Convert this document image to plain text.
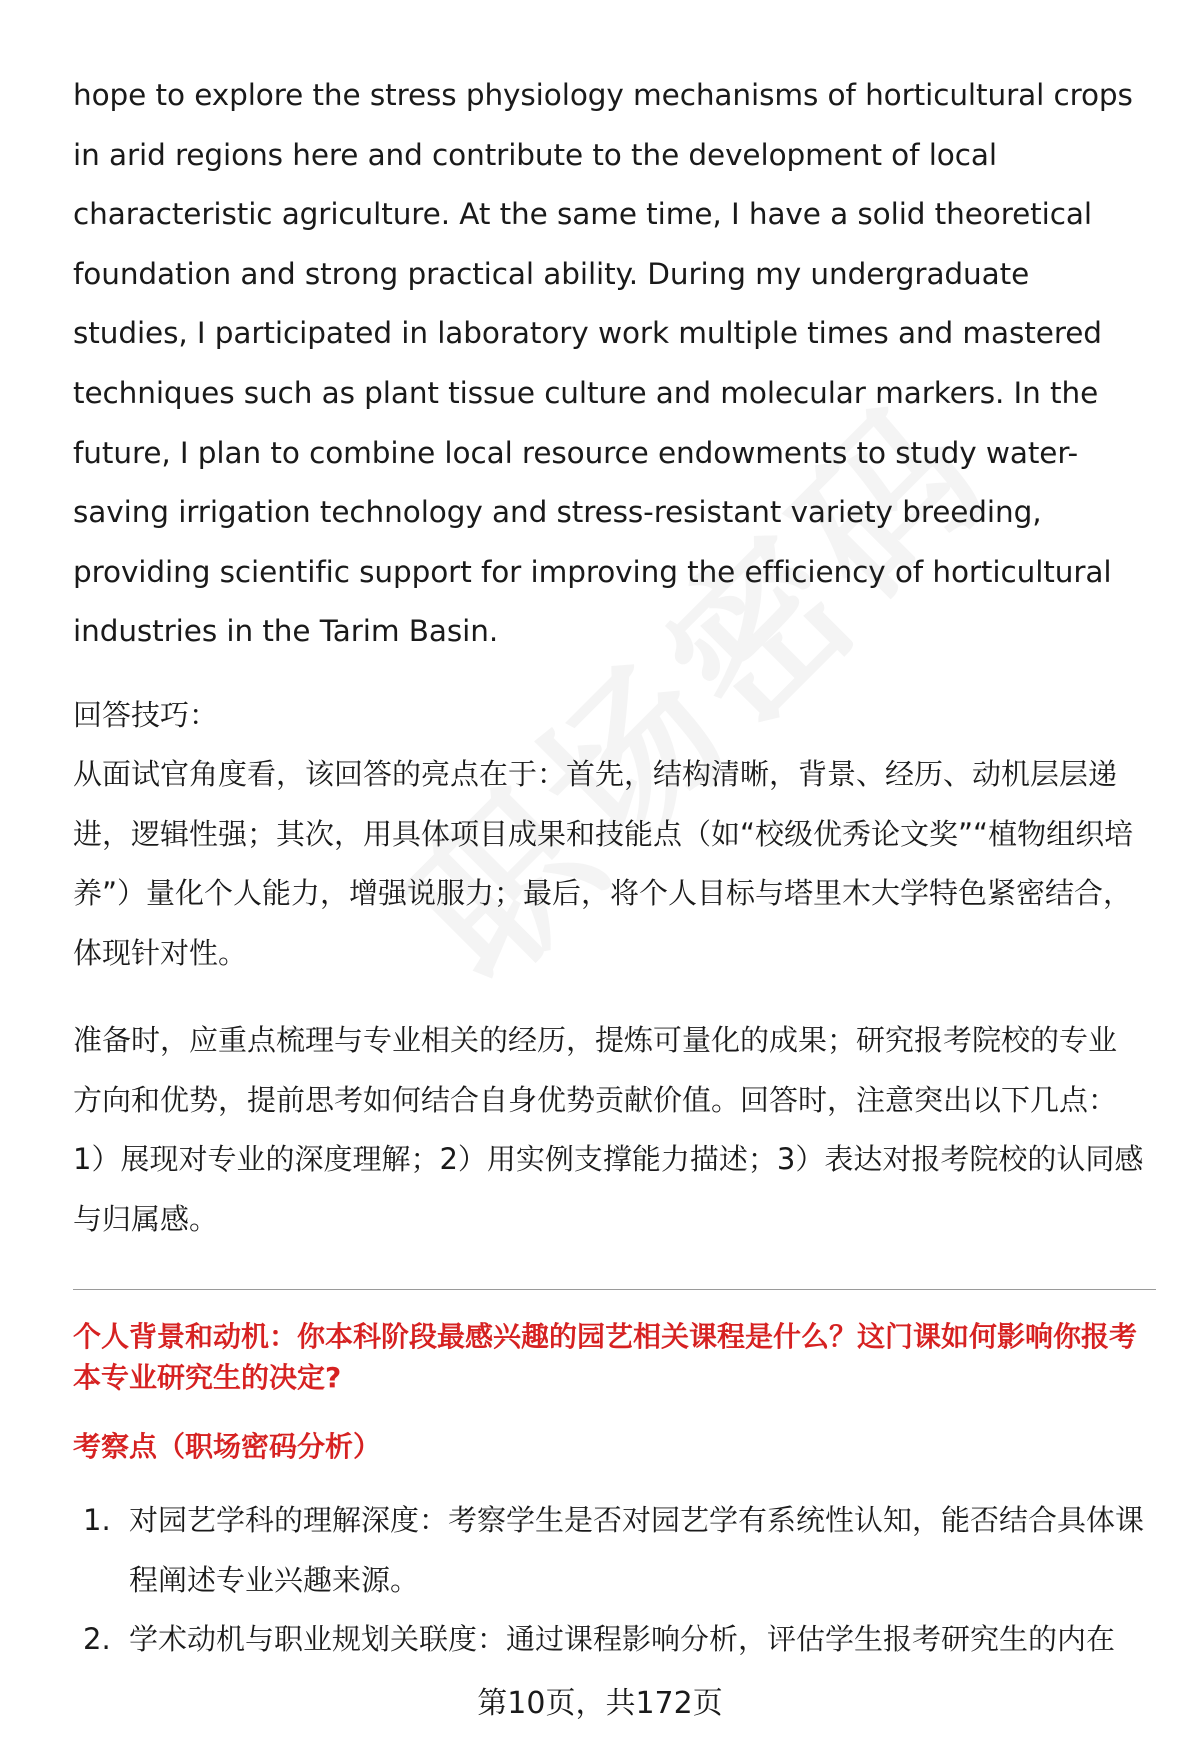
hope to explore the stress physiology mechanisms of horticultural crops in arid regions here and contribute to the development of local characteristic agriculture. At the same time, I have a solid theoretical foundation and strong practical ability. During my undergraduate studies, I participated in laboratory work multiple times and mastered techniques such as plant tissue culture and molecular markers. In the future, I plan to combine local resource endowments to study water-saving irrigation technology and stress-resistant variety breeding, providing scientific support for improving the efficiency of horticultural industries in the Tarim Basin.

回答技巧：

从面试官角度看，该回答的亮点在于：首先，结构清晰，背景、经历、动机层层递进，逻辑性强；其次，用具体项目成果和技能点（如“校级优秀论文奖”“植物组织培养”）量化个人能力，增强说服力；最后，将个人目标与塔里木大学特色紧密结合，体现针对性。

准备时，应重点梳理与专业相关的经历，提炼可量化的成果；研究报考院校的专业方向和优势，提前思考如何结合自身优势贡献价值。回答时，注意突出以下几点：1）展现对专业的深度理解；2）用实例支撑能力描述；3）表达对报考院校的认同感与归属感。

个人背景和动机：你本科阶段最感兴趣的园艺相关课程是什么？这门课如何影响你报考本专业研究生的决定?
考察点（职场密码分析）
1. 对园艺学科的理解深度：考察学生是否对园艺学有系统性认知，能否结合具体课程阐述专业兴趣来源。
2. 学术动机与职业规划关联度：通过课程影响分析，评估学生报考研究生的内在
第10页，共172页
